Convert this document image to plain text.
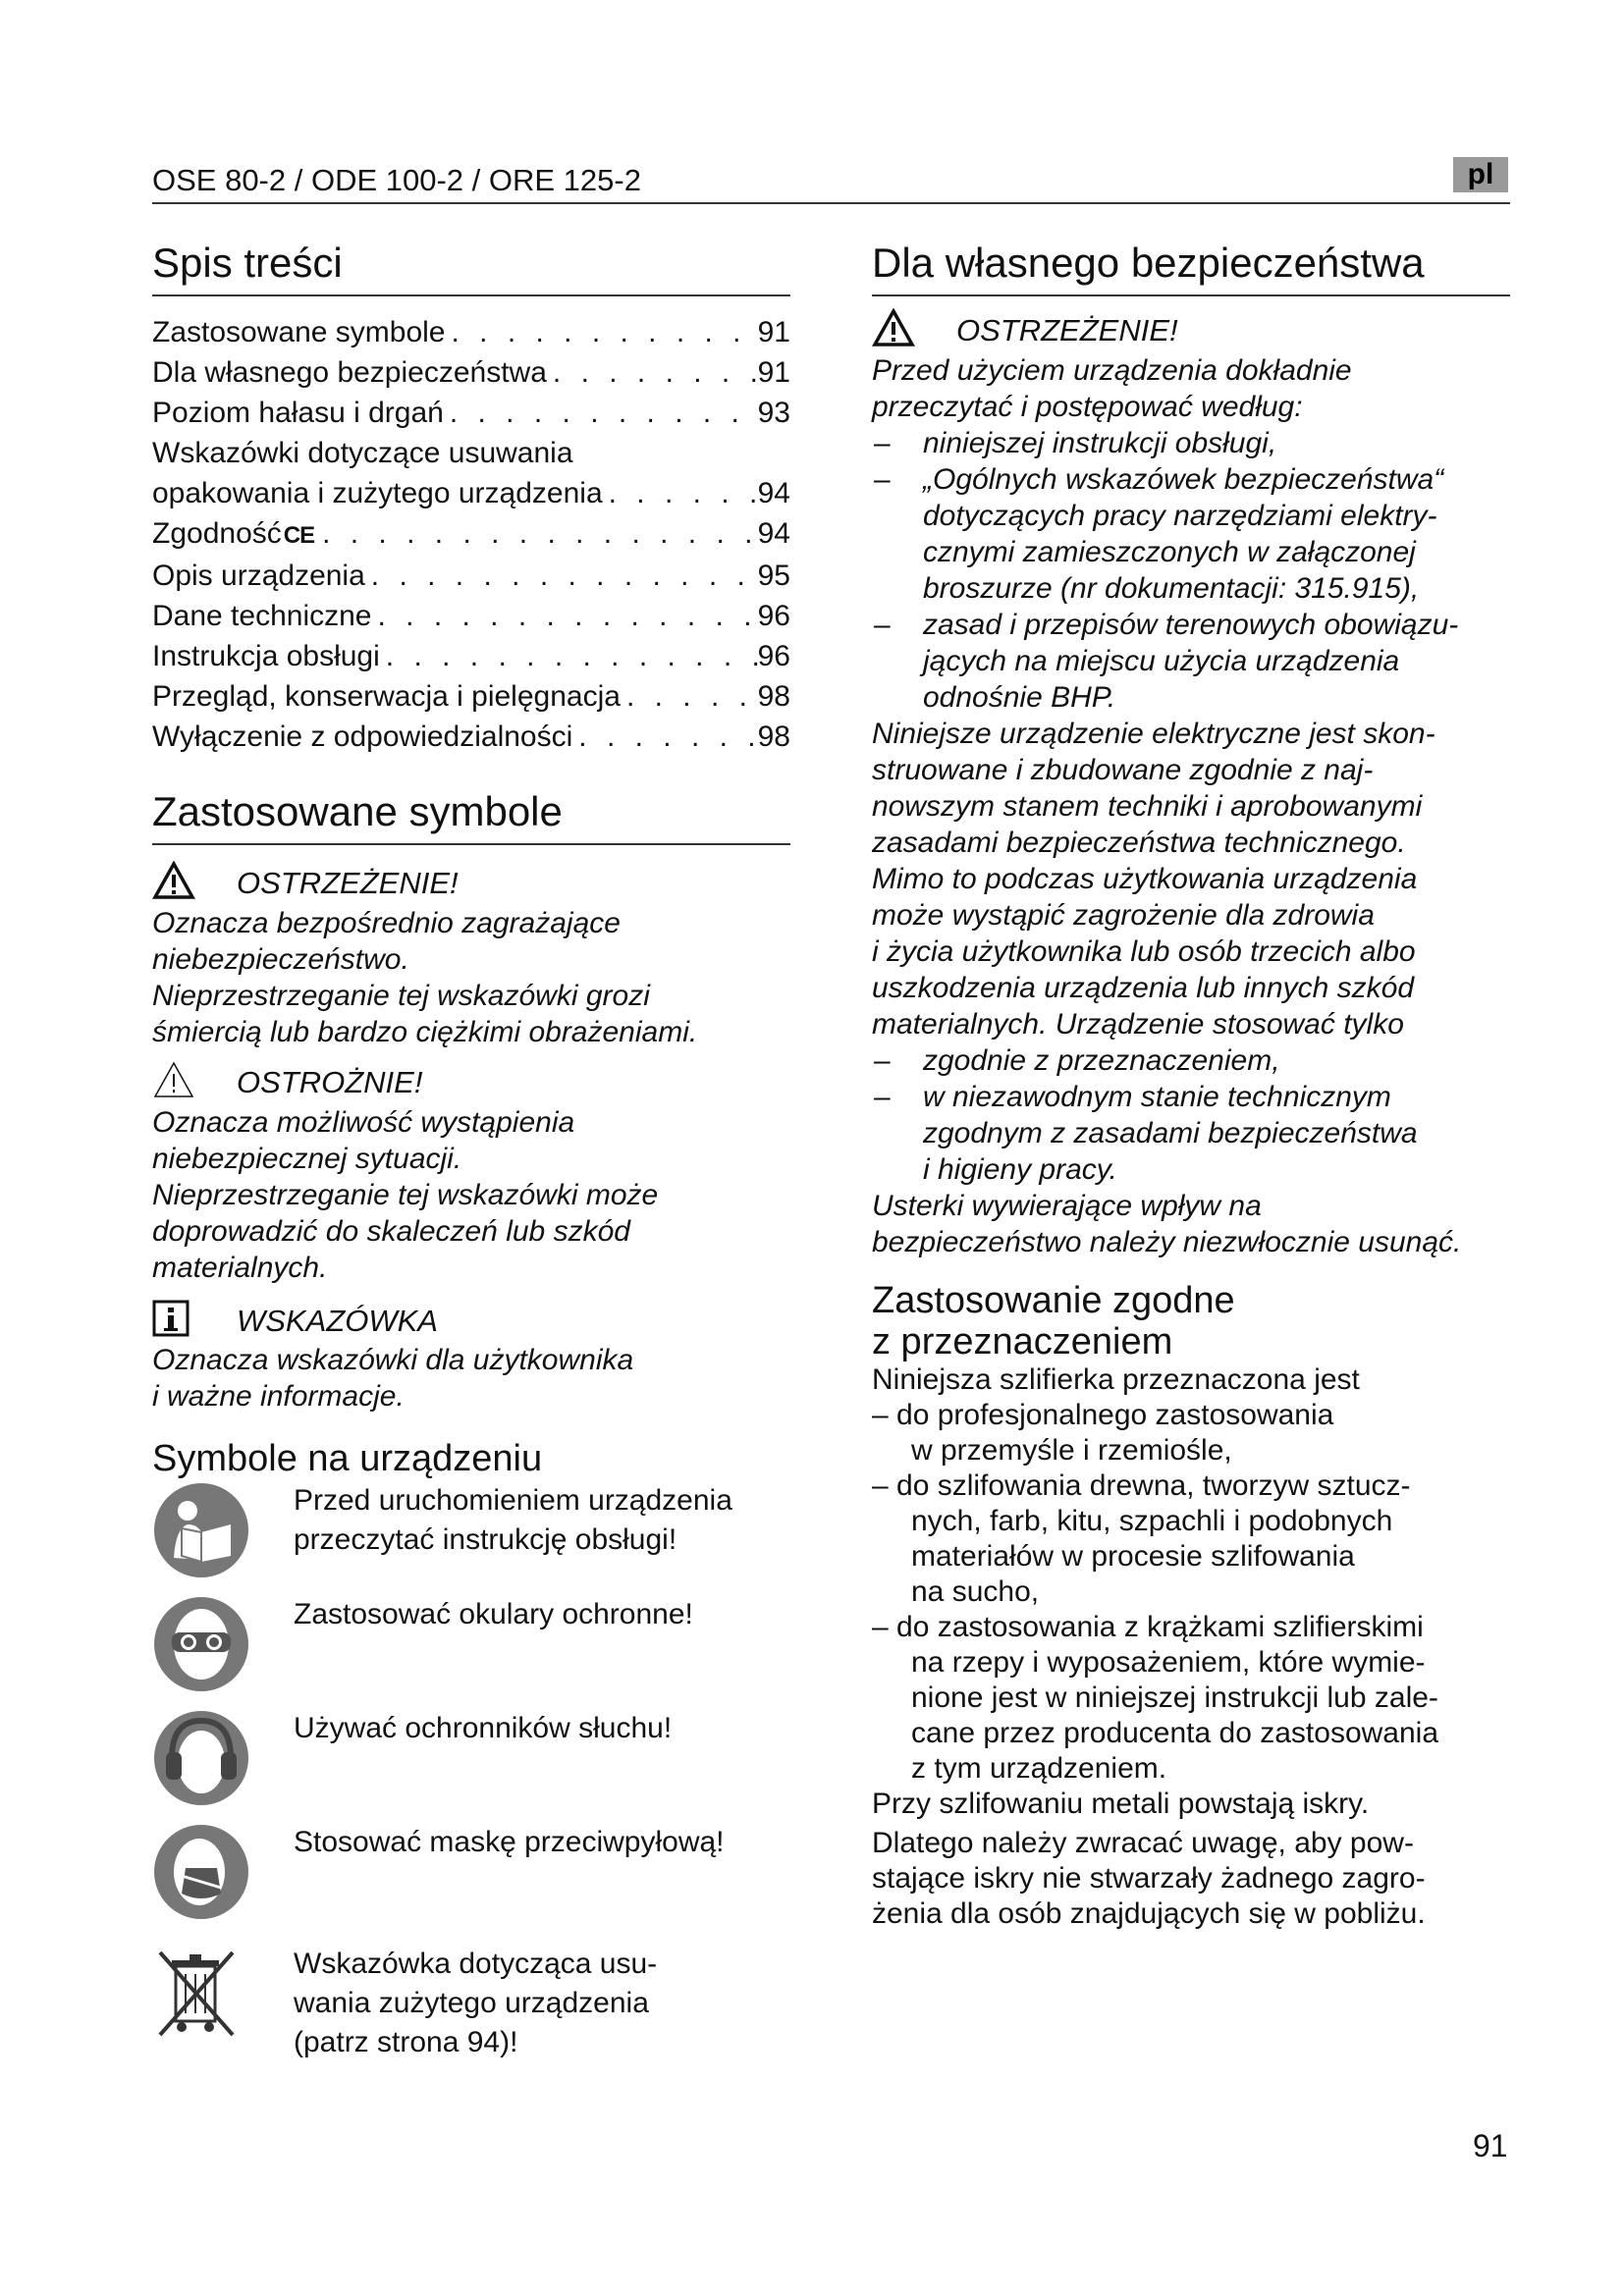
OSE 80-2 / ODE 100-2 / ORE 125-2	pl
Spis treści
Zastosowane symbole . . .	91
Dla własnego bezpieczeństwa . . .	91
Poziom hałasu i drgań . . .	93
Wskazówki dotyczące usuwania
opakowania i zużytego urządzenia . . .	94
Zgodność CE . . .	94
Opis urządzenia . . .	95
Dane techniczne . . .	96
Instrukcja obsługi . . .	96
Przegląd, konserwacja i pielęgnacja . . .	98
Wyłączenie z odpowiedzialności . . .	98
Zastosowane symbole
OSTRZEŻENIE!
Oznacza bezpośrednio zagrażające
niebezpieczeństwo.
Nieprzestrzeganie tej wskazówki grozi
śmiercią lub bardzo ciężkimi obrażeniami.
OSTROŻNIE!
Oznacza możliwość wystąpienia
niebezpiecznej sytuacji.
Nieprzestrzeganie tej wskazówki może
doprowadzić do skaleczeń lub szkód
materialnych.
WSKAZÓWKA
Oznacza wskazówki dla użytkownika
i ważne informacje.
Symbole na urządzeniu
Przed uruchomieniem urządzenia
przeczytać instrukcję obsługi!
Zastosować okulary ochronne!
Używać ochronników słuchu!
Stosować maskę przeciwpyłową!
Wskazówka dotycząca usu-
wania zużytego urządzenia
(patrz strona 94)!
Dla własnego bezpieczeństwa
OSTRZEŻENIE!
Przed użyciem urządzenia dokładnie
przeczytać i postępować według:
– niniejszej instrukcji obsługi,
– „Ogólnych wskazówek bezpieczeństwa“
dotyczących pracy narzędziami elektry-
cznymi zamieszczonych w załączonej
broszurze (nr dokumentacji: 315.915),
– zasad i przepisów terenowych obowiązu-
jących na miejscu użycia urządzenia
odnośnie BHP.
Niniejsze urządzenie elektryczne jest skon-
struowane i zbudowane zgodnie z naj-
nowszym stanem techniki i aprobowanymi
zasadami bezpieczeństwa technicznego.
Mimo to podczas użytkowania urządzenia
może wystąpić zagrożenie dla zdrowia
i życia użytkownika lub osób trzecich albo
uszkodzenia urządzenia lub innych szkód
materialnych. Urządzenie stosować tylko
– zgodnie z przeznaczeniem,
– w niezawodnym stanie technicznym
zgodnym z zasadami bezpieczeństwa
i higieny pracy.
Usterki wywierające wpływ na
bezpieczeństwo należy niezwłocznie usunąć.
Zastosowanie zgodne
z przeznaczeniem
Niniejsza szlifierka przeznaczona jest
– do profesjonalnego zastosowania
w przemyśle i rzemiośle,
– do szlifowania drewna, tworzyw sztucz-
nych, farb, kitu, szpachli i podobnych
materiałów w procesie szlifowania
na sucho,
– do zastosowania z krążkami szlifierskimi
na rzepy i wyposażeniem, które wymie-
nione jest w niniejszej instrukcji lub zale-
cane przez producenta do zastosowania
z tym urządzeniem.
Przy szlifowaniu metali powstają iskry.
Dlatego należy zwracać uwagę, aby pow-
stające iskry nie stwarzały żadnego zagro-
żenia dla osób znajdujących się w pobliżu.
91
